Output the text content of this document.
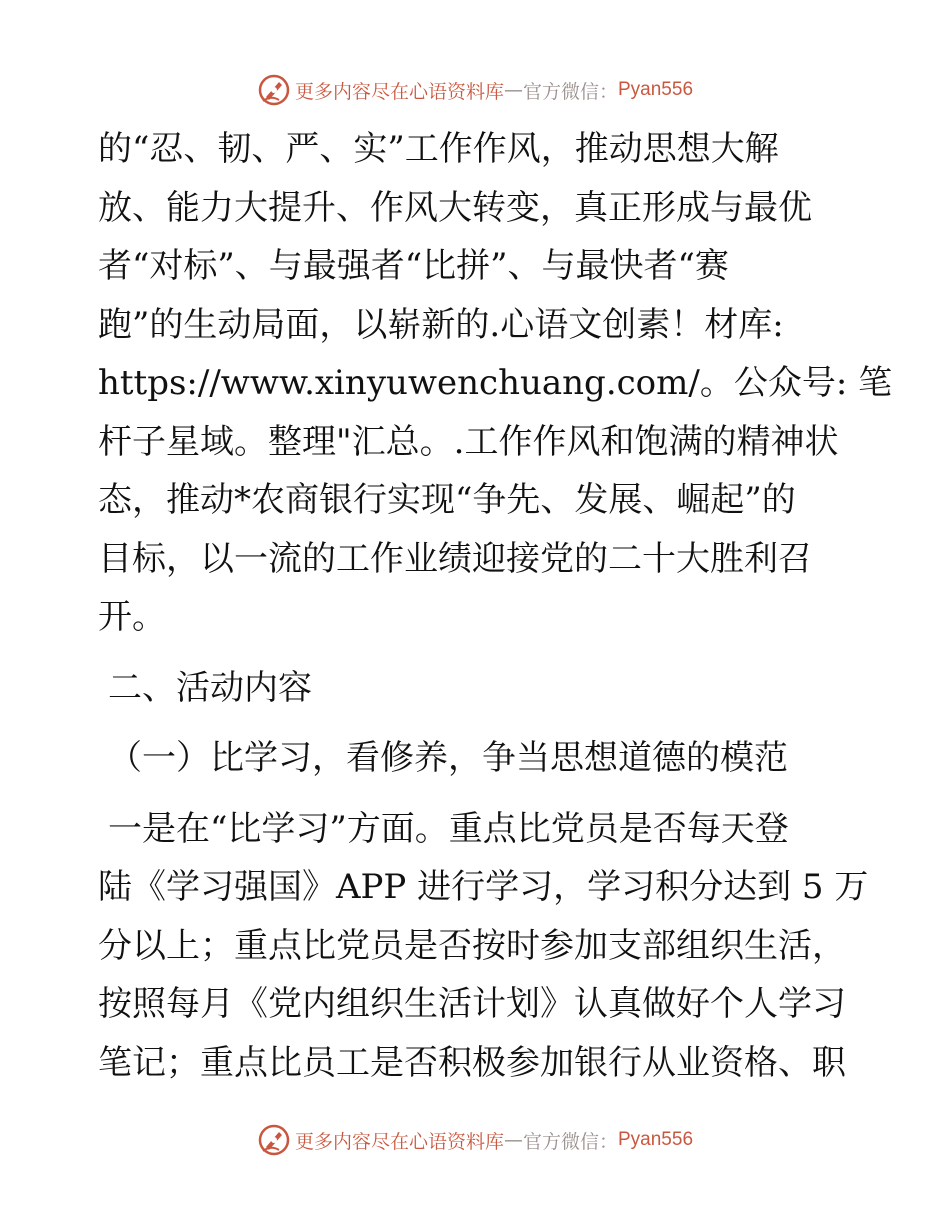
更多内容尽在心语资料库 — 官方微信： Pyan556
的“忍、韧、严、实”工作作风，推动思想大解
放、能力大提升、作风大转变，真正形成与最优
者“对标”、与最强者“比拼”、与最快者“赛
跑”的生动局面，以崭新的.心语文创素！材库:
https://www.xinyuwenchuang.com/。公众号: 笔
杆子星域。整理"汇总。.工作作风和饱满的精神状
态，推动*农商银行实现“争先、发展、崛起”的
目标，以一流的工作业绩迎接党的二十大胜利召
开。
二、活动内容
（一）比学习，看修养，争当思想道德的模范
一是在“比学习”方面。重点比党员是否每天登
陆《学习强国》APP 进行学习，学习积分达到 5 万
分以上；重点比党员是否按时参加支部组织生活，
按照每月《党内组织生活计划》认真做好个人学习
笔记；重点比员工是否积极参加银行从业资格、职
更多内容尽在心语资料库 — 官方微信： Pyan556
